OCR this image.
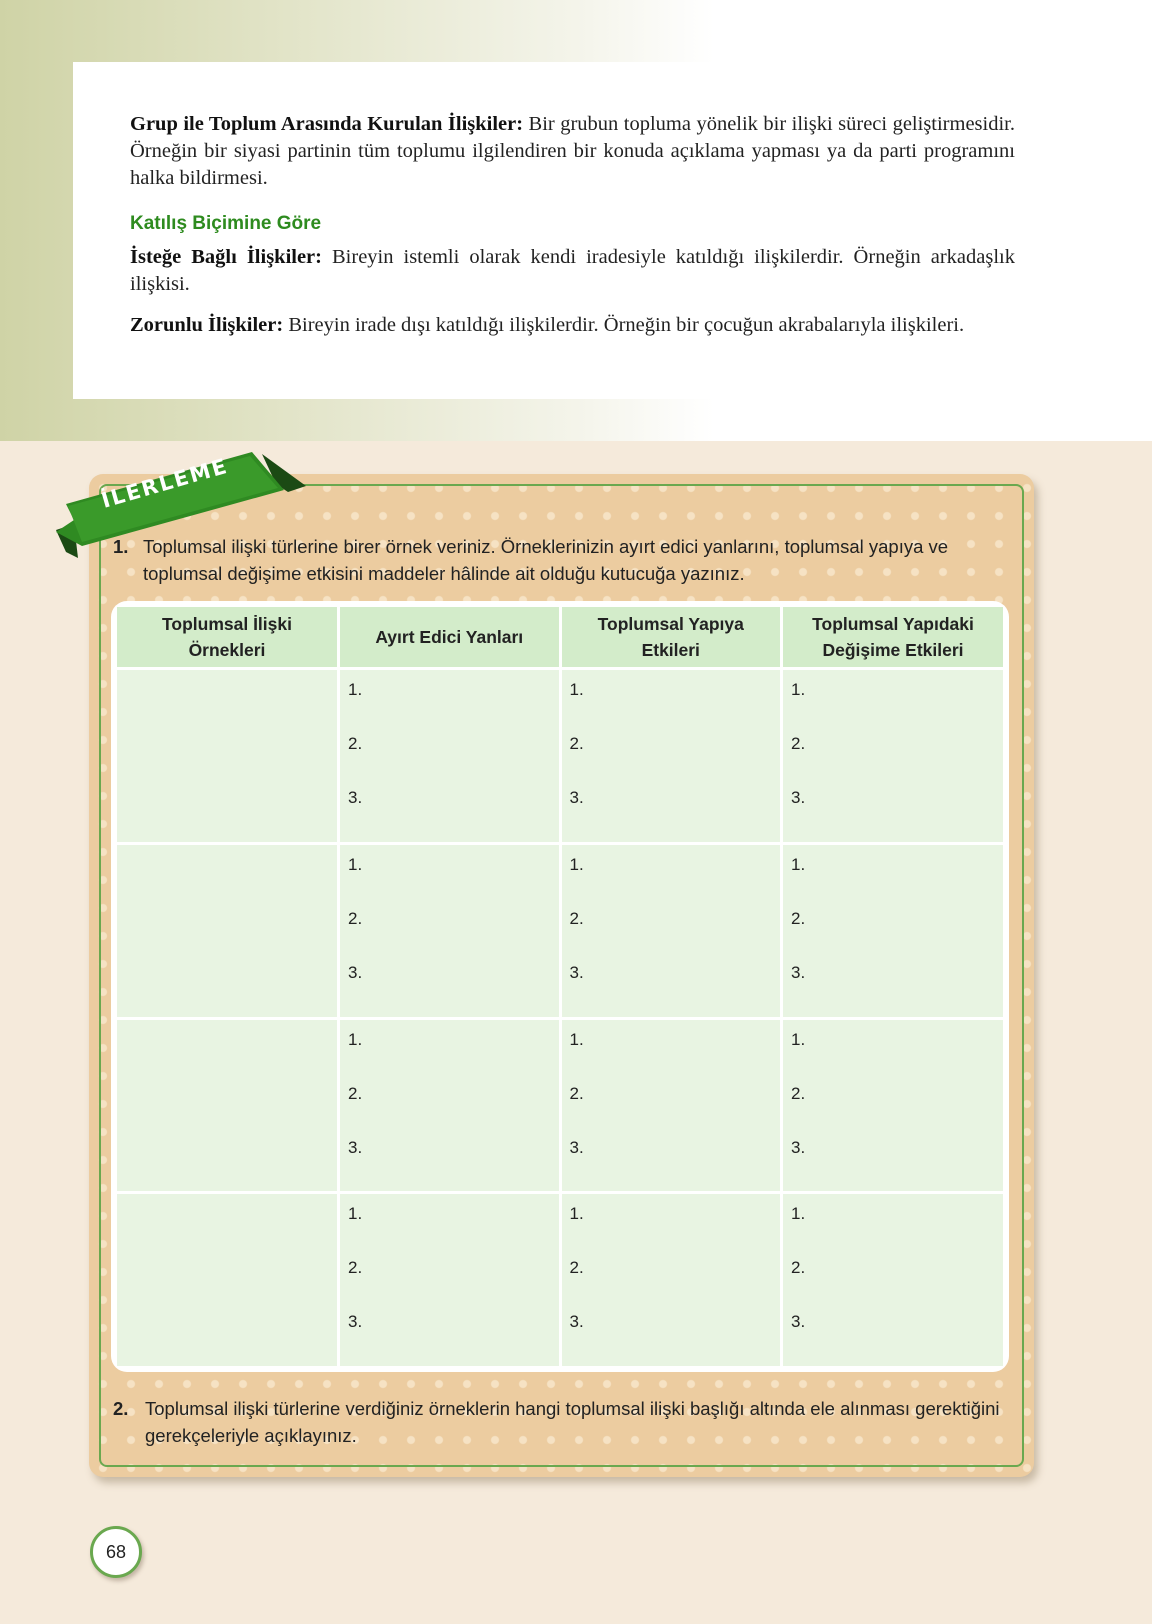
Grup ile Toplum Arasında Kurulan İlişkiler: Bir grubun topluma yönelik bir ilişki süreci geliştirmesidir. Örneğin bir siyasi partinin tüm toplumu ilgilendiren bir konuda açıklama yapması ya da parti programını halka bildirmesi.

Katılış Biçimine Göre

İsteğe Bağlı İlişkiler: Bireyin istemli olarak kendi iradesiyle katıldığı ilişkilerdir. Örneğin arkadaşlık ilişkisi.

Zorunlu İlişkiler: Bireyin irade dışı katıldığı ilişkilerdir. Örneğin bir çocuğun akrabalarıyla ilişkileri.

İLERLEME
1. Toplumsal ilişki türlerine birer örnek veriniz. Örneklerinizin ayırt edici yanlarını, toplumsal yapıya ve toplumsal değişime etkisini maddeler hâlinde ait olduğu kutucuğa yazınız.

Toplumsal İlişki Örnekleri	Ayırt Edici Yanları	Toplumsal Yapıya Etkileri	Toplumsal Yapıdaki Değişime Etkileri

	1.
2.
3.	1.
2.
3.	1.
2.
3.

	1.
2.
3.	1.
2.
3.	1.
2.
3.

	1.
2.
3.	1.
2.
3.	1.
2.
3.

	1.
2.
3.	1.
2.
3.	1.
2.
3.
2. Toplumsal ilişki türlerine verdiğiniz örneklerin hangi toplumsal ilişki başlığı altında ele alınması gerektiğini gerekçeleriyle açıklayınız.

68
